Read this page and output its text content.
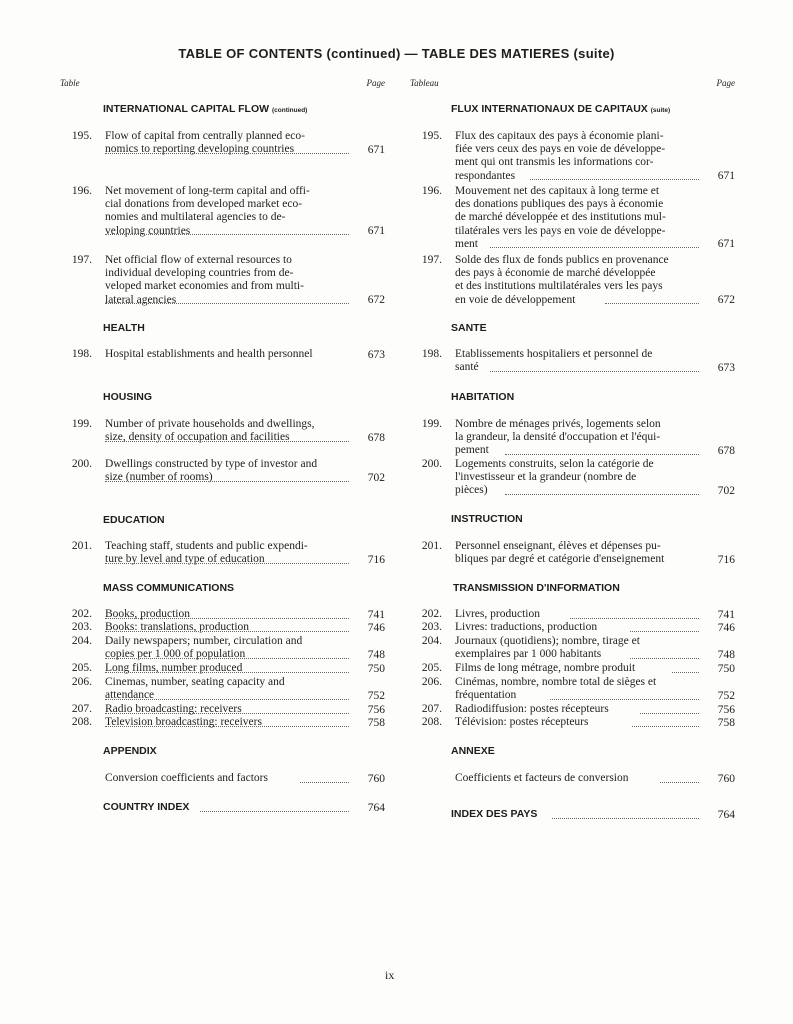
TABLE OF CONTENTS (continued) — TABLE DES MATIERES (suite)
Table	Page
INTERNATIONAL CAPITAL FLOW (continued)
195. Flow of capital from centrally planned eco-
nomics to reporting developing countries	671
196. Net movement of long-term capital and offi-
cial donations from developed market eco-
nomies and multilateral agencies to de-
veloping countries	671
197. Net official flow of external resources to
individual developing countries from de-
veloped market economies and from multi-
lateral agencies	672
HEALTH
198. Hospital establishments and health personnel	673
HOUSING
199. Number of private households and dwellings,
size, density of occupation and facilities	678
200. Dwellings constructed by type of investor and
size (number of rooms)	702
EDUCATION
201. Teaching staff, students and public expendi-
ture by level and type of education	716
MASS COMMUNICATIONS
202. Books, production	741
203. Books: translations, production	746
204. Daily newspapers; number, circulation and
copies per 1 000 of population	748
205. Long films, number produced	750
206. Cinemas, number, seating capacity and
attendance	752
207. Radio broadcasting: receivers	756
208. Television broadcasting: receivers	758
APPENDIX
Conversion coefficients and factors	760
COUNTRY INDEX	764
Tableau	Page
FLUX INTERNATIONAUX DE CAPITAUX (suite)
195. Flux des capitaux des pays à économie plani-
fiée vers ceux des pays en voie de développe-
ment qui ont transmis les informations cor-
respondantes	671
196. Mouvement net des capitaux à long terme et
des donations publiques des pays à économie
de marché développée et des institutions mul-
tilatérales vers les pays en voie de développe-
ment	671
197. Solde des flux de fonds publics en provenance
des pays à économie de marché développée
et des institutions multilatérales vers les pays
en voie de développement	672
SANTE
198. Etablissements hospitaliers et personnel de
santé	673
HABITATION
199. Nombre de ménages privés, logements selon
la grandeur, la densité d'occupation et l'équi-
pement	678
200. Logements construits, selon la catégorie de
l'investisseur et la grandeur (nombre de
pièces)	702
INSTRUCTION
201. Personnel enseignant, élèves et dépenses pu-
bliques par degré et catégorie d'enseignement	716
TRANSMISSION D'INFORMATION
202. Livres, production	741
203. Livres: traductions, production	746
204. Journaux (quotidiens); nombre, tirage et
exemplaires par 1 000 habitants	748
205. Films de long métrage, nombre produit	750
206. Cinémas, nombre, nombre total de sièges et
fréquentation	752
207. Radiodiffusion: postes récepteurs	756
208. Télévision: postes récepteurs	758
ANNEXE
Coefficients et facteurs de conversion	760
INDEX DES PAYS	764
ix
